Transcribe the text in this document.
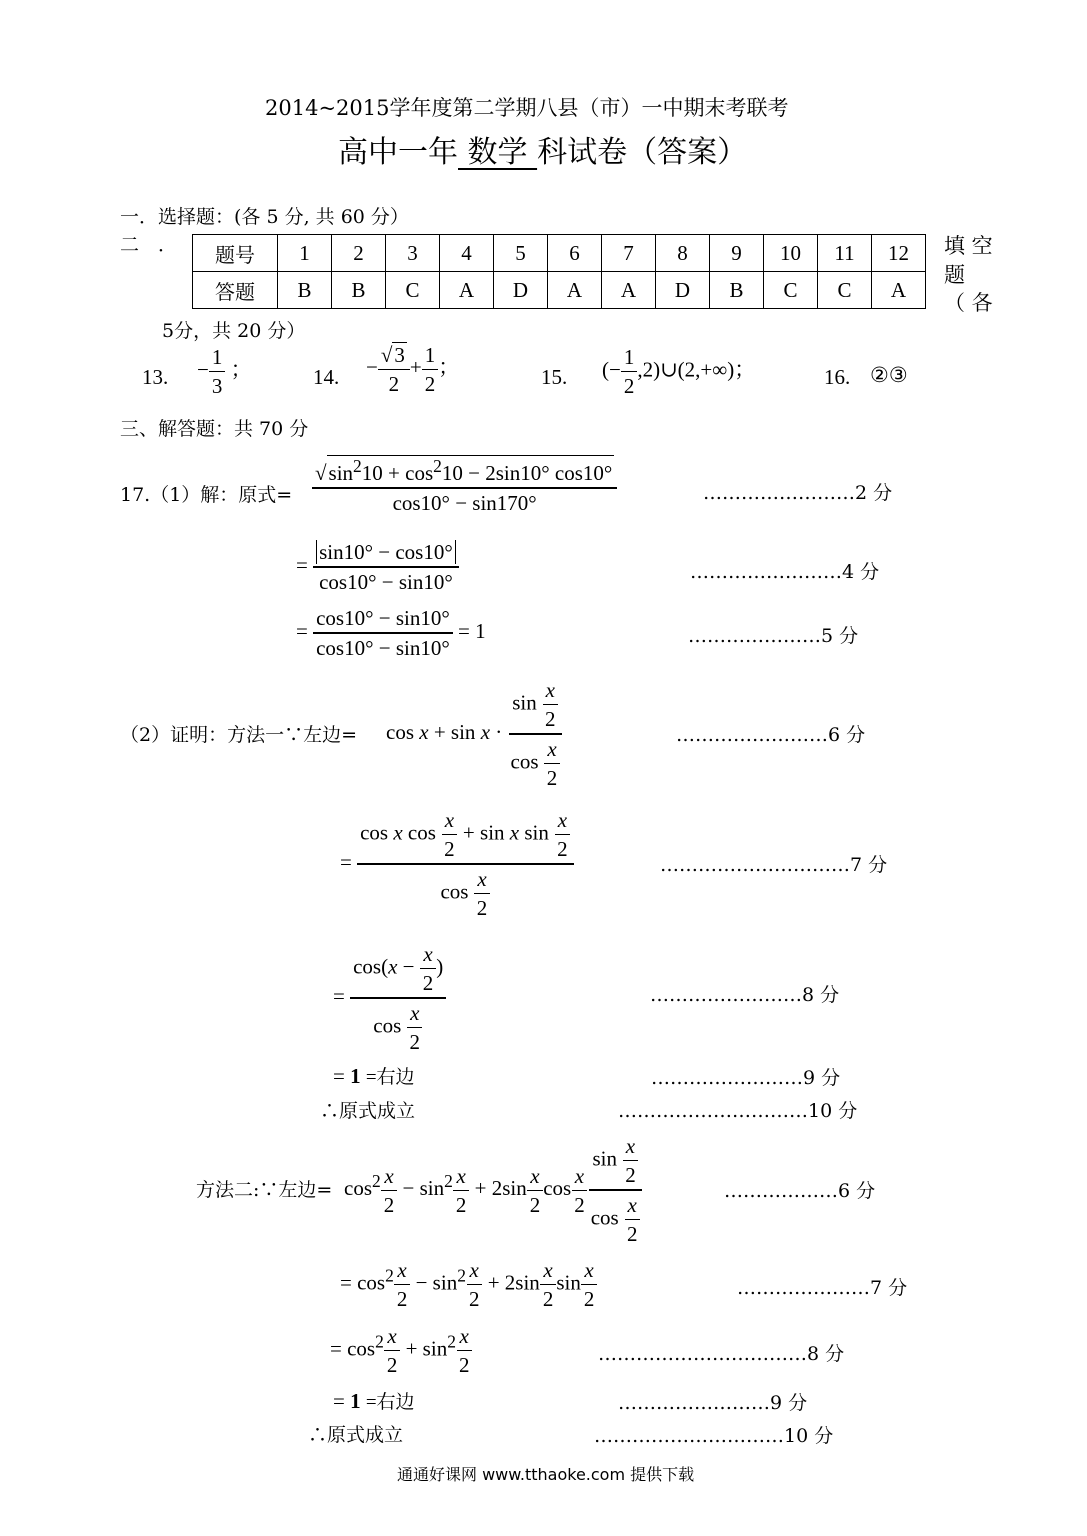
2014~2015学年度第二学期八县（市）一中期末考联考
高中一年 数学 科试卷（答案）
一．选择题：(各 5 分, 共 60 分）
二　． 题号	1	2	3	4	5	6	7	8	9	10	11	12
答题	B	B	C	A	D	A	A	D	B	C	C	A
填 空
题
（ 各
5分，共 20 分）
13. − $\frac{1}{3}$ ；	14. − $\frac{√ 3}{2} + \frac{1}{2}$ ；	15. (− $\frac{1}{2}$ ,2)∪(2,+∞)；	16. ②③
三、解答题：共 70 分
17.（1）解：原式= $\frac{√ \sin^210 + \cos^210 - 2\sin 10^\circ \cos 10^\circ}{\cos 10^\circ - \sin 170^\circ}$	……………………2 分
= $\frac{\sin 10^\circ - \cos 10^\circ}{\cos 10^\circ - \sin 10^\circ}$	……………………4 分
= $\frac{\cos 10^\circ - \sin 10^\circ}{\cos 10^\circ - \sin 10^\circ} = 1$	…………………5 分
（2）证明：方法一∵左边= $\cos x + \sin x \cdot \frac{\sin \frac{x}{2}}{\cos \frac{x}{2}}$	……………………6 分
= $\frac{\cos x \cos \frac{x}{2} + \sin x \sin \frac{x}{2}}{\cos \frac{x}{2}}$	…………………………7 分
= $\frac{\cos(x - \frac{x}{2} )}{\cos \frac{x}{2}}$	……………………8 分
= 1 =右边	……………………9 分
∴原式成立	…………………………10 分
方法二:∵左边= $\cos^2 \frac{x}{2} - \sin^2 \frac{x}{2} + 2\sin \frac{x}{2}$ $\cos \frac{x}{2} \frac{\sin \frac{x}{2}}{\cos \frac{x}{2}}$	………………6 分
= $\cos^2 \frac{x}{2} - \sin^2 \frac{x}{2} + 2\sin \frac{x}{2}$ $\sin \frac{x}{2}$	…………………7 分
= $\cos^2 \frac{x}{2} + \sin^2 \frac{x}{2}$	……………………………8 分
= 1 =右边	……………………9 分
∴原式成立	…………………………10 分
通通好课网 www.tthaoke.com 提供下载
